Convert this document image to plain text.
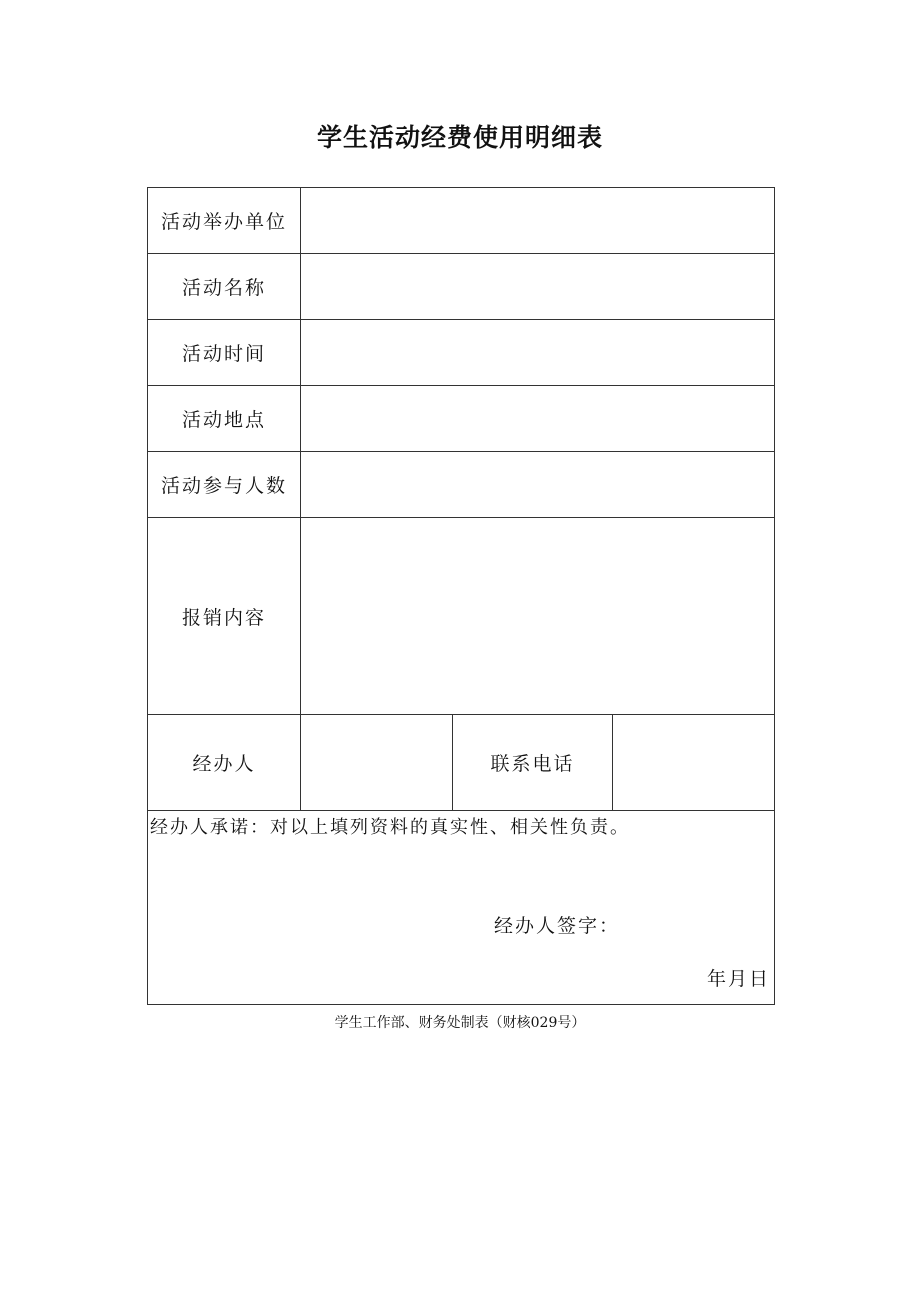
学生活动经费使用明细表
活动举办单位			
活动名称			
活动时间			
活动地点			
活动参与人数			
报销内容			
经办人		联系电话	

经办人承诺：对以上填列资料的真实性、相关性负责。
经办人签字：
年月日			
学生工作部、财务处制表（财核029号）
